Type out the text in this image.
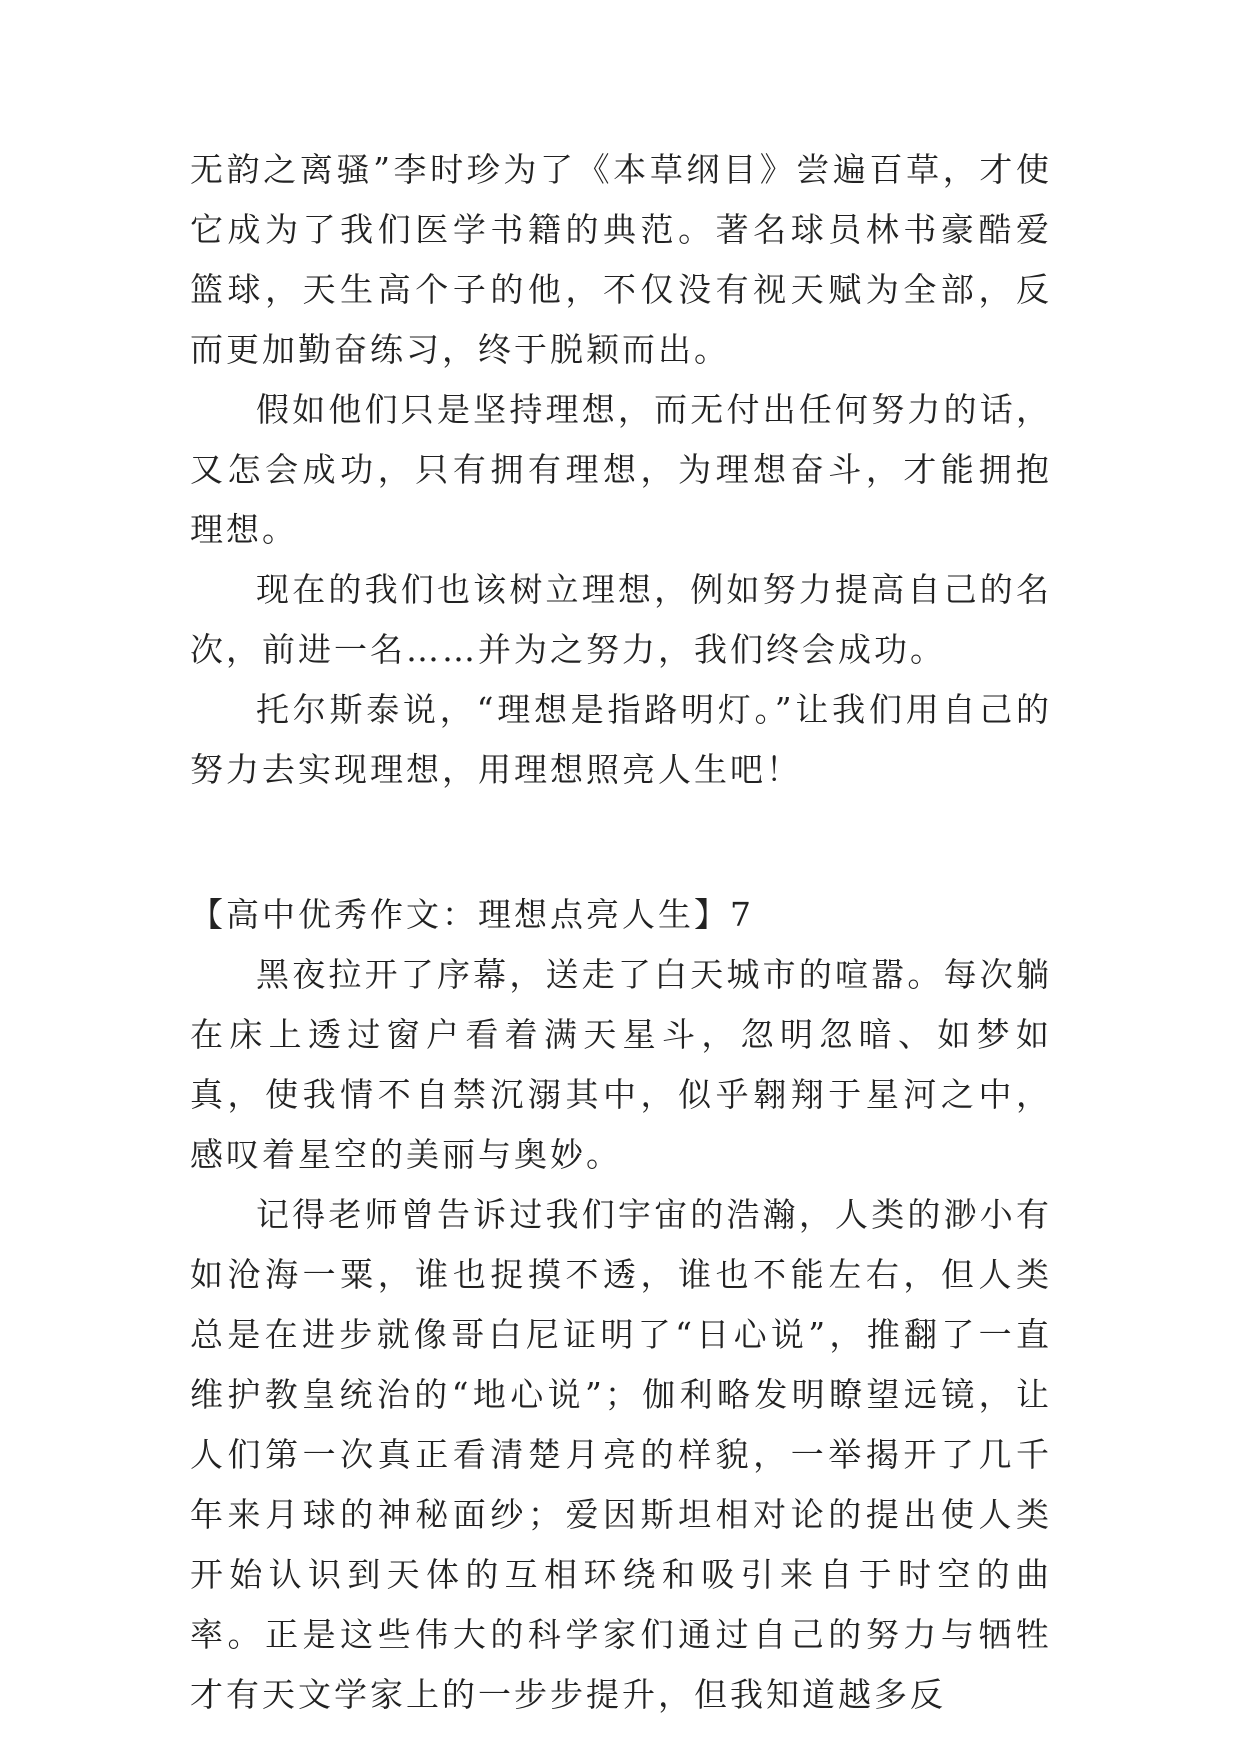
无韵之离骚”李时珍为了《本草纲目》尝遍百草，才使它成为了我们医学书籍的典范。著名球员林书豪酷爱篮球，天生高个子的他，不仅没有视天赋为全部，反而更加勤奋练习，终于脱颖而出。

假如他们只是坚持理想，而无付出任何努力的话，又怎会成功，只有拥有理想，为理想奋斗，才能拥抱理想。

现在的我们也该树立理想，例如努力提高自己的名次，前进一名……并为之努力，我们终会成功。

托尔斯泰说，“理想是指路明灯。”让我们用自己的努力去实现理想，用理想照亮人生吧！

【高中优秀作文：理想点亮人生】7

黑夜拉开了序幕，送走了白天城市的喧嚣。每次躺在床上透过窗户看着满天星斗，忽明忽暗、如梦如真，使我情不自禁沉溺其中，似乎翱翔于星河之中，感叹着星空的美丽与奥妙。

记得老师曾告诉过我们宇宙的浩瀚，人类的渺小有如沧海一粟，谁也捉摸不透，谁也不能左右，但人类总是在进步就像哥白尼证明了“日心说”，推翻了一直维护教皇统治的“地心说”；伽利略发明瞭望远镜，让人们第一次真正看清楚月亮的样貌，一举揭开了几千年来月球的神秘面纱；爱因斯坦相对论的提出使人类开始认识到天体的互相环绕和吸引来自于时空的曲率。正是这些伟大的科学家们通过自己的努力与牺牲才有天文学家上的一步步提升，但我知道越多反
